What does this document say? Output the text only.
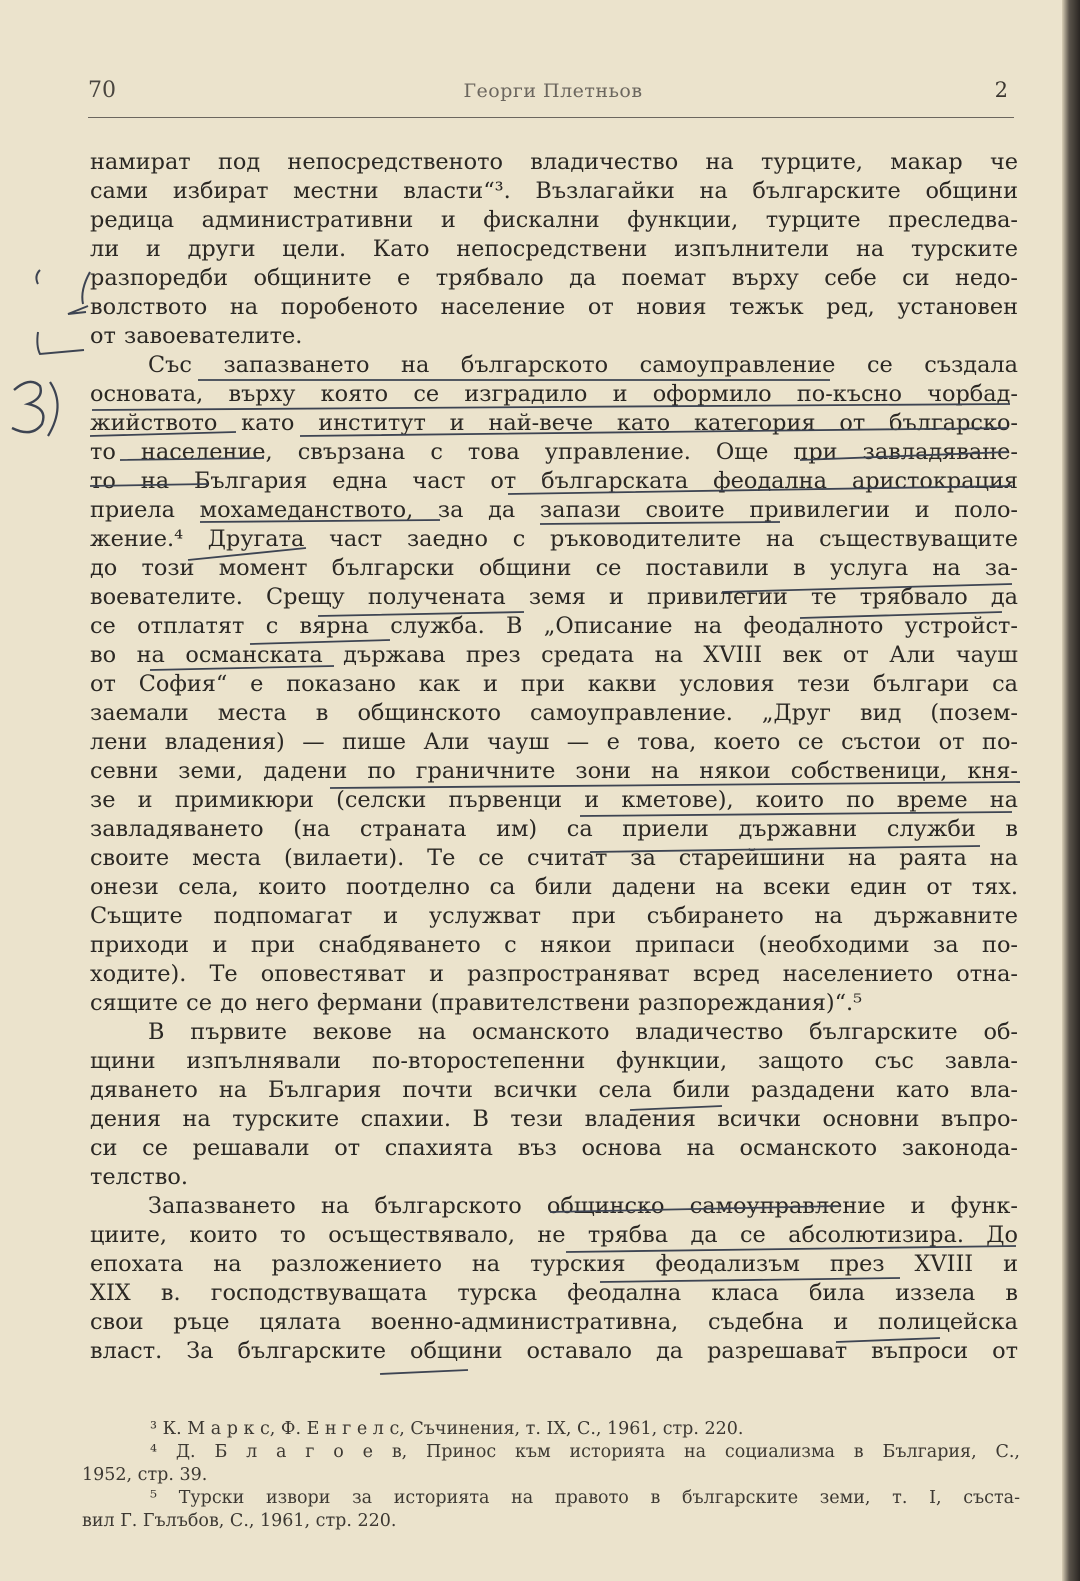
70	Георги Плетньов	2
намират под непосредственото владичество на турците, макар че
сами избират местни власти“³. Възлагайки на българските общини
редица административни и фискални функции, турците преследва-
ли и други цели. Като непосредствени изпълнители на турските
разпоредби общините е трябвало да поемат върху себе си недо-
волството на поробеното население от новия тежък ред, установен
от завоевателите.
Със запазването на българското самоуправление се създала
основата, върху която се изградило и оформило по-късно чорбад-
жийството като институт и най-вече като категория от българско-
то население, свързана с това управление. Още при завладяване-
то на България една част от българската феодална аристокрация
приела мохамеданството, за да запази своите привилегии и поло-
жение.⁴ Другата част заедно с ръководителите на съществуващите
до този момент български общини се поставили в услуга на за-
воевателите. Срещу получената земя и привилегии те трябвало да
се отплатят с вярна служба. В „Описание на феодалното устройст-
во на османската държава през средата на XVIII век от Али чауш
от София“ е показано как и при какви условия тези българи са
заемали места в общинското самоуправление. „Друг вид (позем-
лени владения) — пише Али чауш — е това, което се състои от по-
севни земи, дадени по граничните зони на някои собственици, кня-
зе и примикюри (селски първенци и кметове), които по време на
завладяването (на страната им) са приели държавни служби в
своите места (вилаети). Те се считат за старейшини на раята на
онези села, които поотделно са били дадени на всеки един от тях.
Същите подпомагат и услужват при събирането на държавните
приходи и при снабдяването с някои припаси (необходими за по-
ходите). Те оповестяват и разпространяват всред населението отна-
сящите се до него фермани (правителствени разпореждания)“.⁵
В първите векове на османското владичество българските об-
щини изпълнявали по-второстепенни функции, защото със завла-
дяването на България почти всички села били раздадени като вла-
дения на турските спахии. В тези владения всички основни въпро-
си се решавали от спахията въз основа на османското законода-
телство.
Запазването на българското общинско самоуправление и функ-
циите, които то осъществявало, не трябва да се абсолютизира. До
епохата на разложението на турския феодализъм през XVIII и
XIX в. господствуващата турска феодална класа била иззела в
свои ръце цялата военно-административна, съдебна и полицейска
власт. За българските общини оставало да разрешават въпроси от
³ К. М а р к с, Ф. Е н г е л с, Съчинения, т. IX, С., 1961, стр. 220.
⁴ Д. Б л а г о е в, Принос към историята на социализма в България, С.,
1952, стр. 39.
⁵ Турски извори за историята на правото в българските земи, т. I, съста-
вил Г. Гълъбов, С., 1961, стр. 220.
